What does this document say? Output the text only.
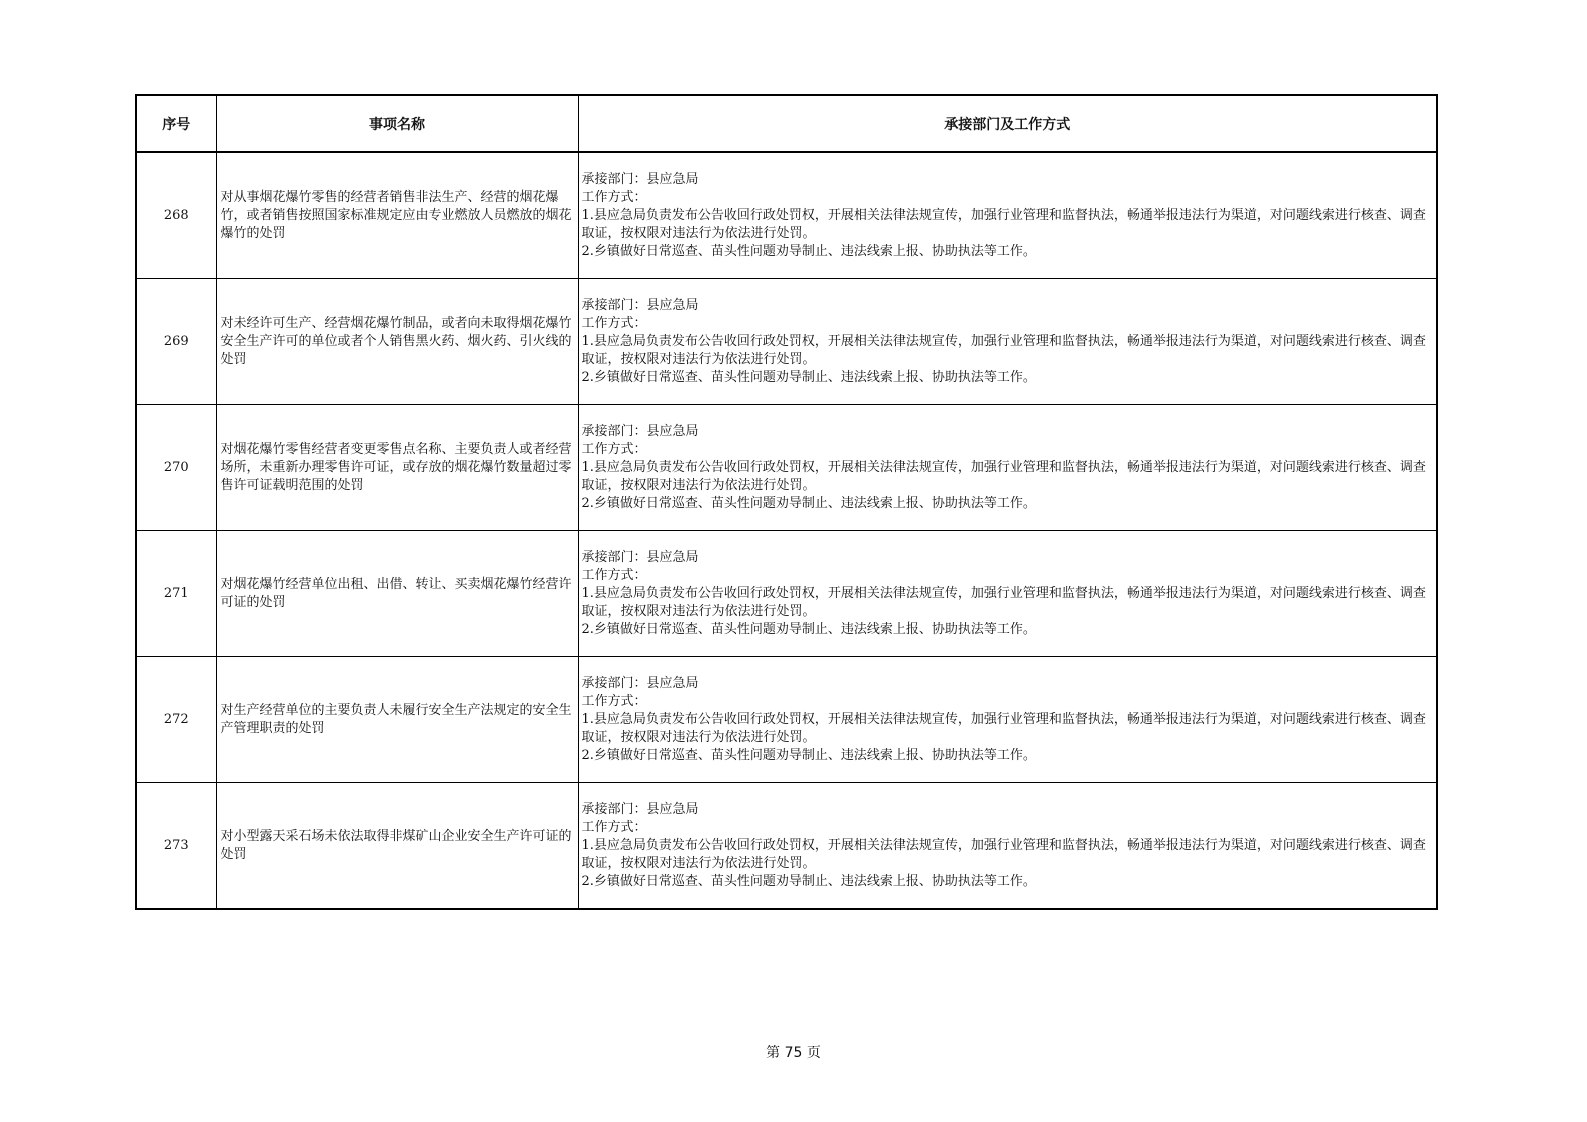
序号	事项名称	承接部门及工作方式
268	对从事烟花爆竹零售的经营者销售非法生产、经营的烟花爆竹，或者销售按照国家标准规定应由专业燃放人员燃放的烟花爆竹的处罚	承接部门：县应急局
工作方式：
1.县应急局负责发布公告收回行政处罚权，开展相关法律法规宣传，加强行业管理和监督执法，畅通举报违法行为渠道，对问题线索进行核查、调查取证，按权限对违法行为依法进行处罚。
2.乡镇做好日常巡查、苗头性问题劝导制止、违法线索上报、协助执法等工作。

269	对未经许可生产、经营烟花爆竹制品，或者向未取得烟花爆竹安全生产许可的单位或者个人销售黑火药、烟火药、引火线的处罚	承接部门：县应急局
工作方式：
1.县应急局负责发布公告收回行政处罚权，开展相关法律法规宣传，加强行业管理和监督执法，畅通举报违法行为渠道，对问题线索进行核查、调查取证，按权限对违法行为依法进行处罚。
2.乡镇做好日常巡查、苗头性问题劝导制止、违法线索上报、协助执法等工作。

270	对烟花爆竹零售经营者变更零售点名称、主要负责人或者经营场所，未重新办理零售许可证，或存放的烟花爆竹数量超过零售许可证载明范围的处罚	承接部门：县应急局
工作方式：
1.县应急局负责发布公告收回行政处罚权，开展相关法律法规宣传，加强行业管理和监督执法，畅通举报违法行为渠道，对问题线索进行核查、调查取证，按权限对违法行为依法进行处罚。
2.乡镇做好日常巡查、苗头性问题劝导制止、违法线索上报、协助执法等工作。

271	对烟花爆竹经营单位出租、出借、转让、买卖烟花爆竹经营许可证的处罚	承接部门：县应急局
工作方式：
1.县应急局负责发布公告收回行政处罚权，开展相关法律法规宣传，加强行业管理和监督执法，畅通举报违法行为渠道，对问题线索进行核查、调查取证，按权限对违法行为依法进行处罚。
2.乡镇做好日常巡查、苗头性问题劝导制止、违法线索上报、协助执法等工作。

272	对生产经营单位的主要负责人未履行安全生产法规定的安全生产管理职责的处罚	承接部门：县应急局
工作方式：
1.县应急局负责发布公告收回行政处罚权，开展相关法律法规宣传，加强行业管理和监督执法，畅通举报违法行为渠道，对问题线索进行核查、调查取证，按权限对违法行为依法进行处罚。
2.乡镇做好日常巡查、苗头性问题劝导制止、违法线索上报、协助执法等工作。

273	对小型露天采石场未依法取得非煤矿山企业安全生产许可证的处罚	承接部门：县应急局
工作方式：
1.县应急局负责发布公告收回行政处罚权，开展相关法律法规宣传，加强行业管理和监督执法，畅通举报违法行为渠道，对问题线索进行核查、调查取证，按权限对违法行为依法进行处罚。
2.乡镇做好日常巡查、苗头性问题劝导制止、违法线索上报、协助执法等工作。
第 75 页
